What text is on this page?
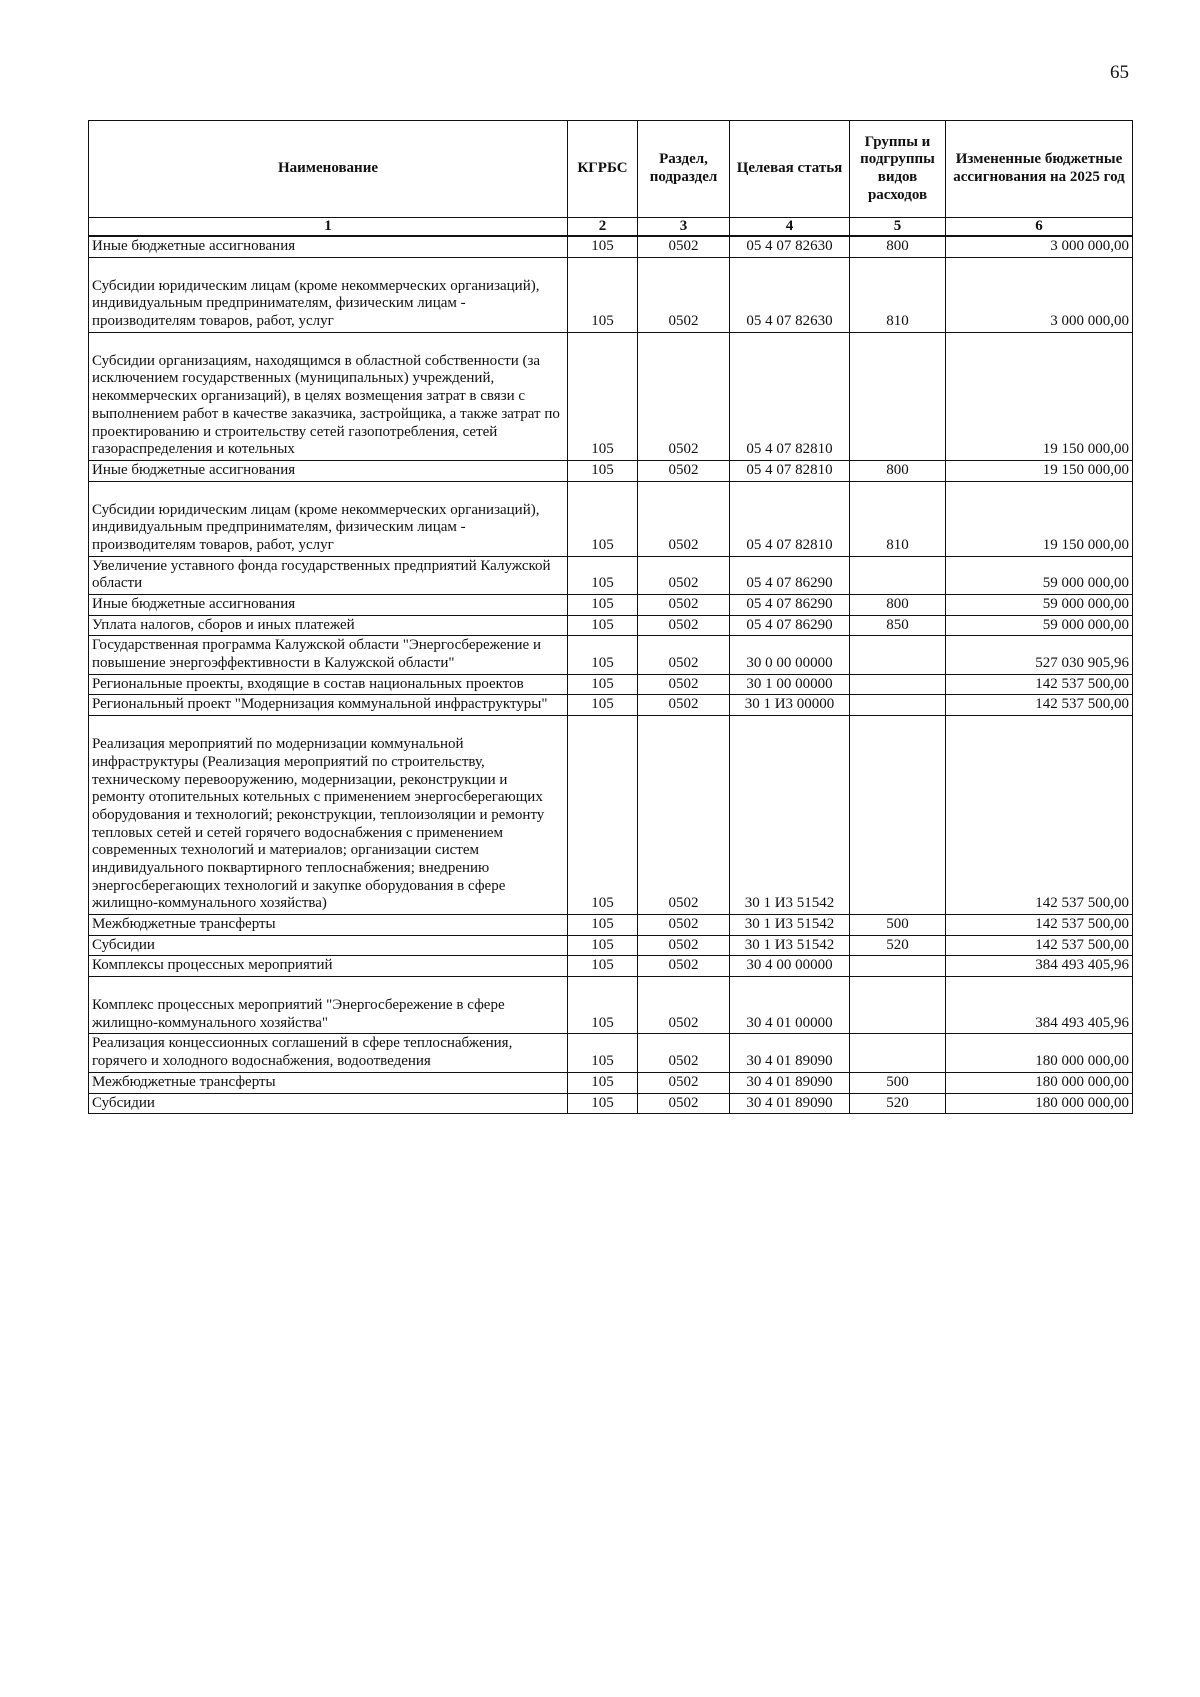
65
Наименование	КГРБС	Раздел, подраздел	Целевая статья	Группы и подгруппы видов расходов	Измененные бюджетные ассигнования на 2025 год
1	2	3	4	5	6
Иные бюджетные ассигнования	105	0502	05 4 07 82630	800	3 000 000,00
Субсидии юридическим лицам (кроме некоммерческих организаций), индивидуальным предпринимателям, физическим лицам - производителям товаров, работ, услуг	105	0502	05 4 07 82630	810	3 000 000,00
Субсидии организациям, находящимся в областной собственности (за исключением государственных (муниципальных) учреждений, некоммерческих организаций), в целях возмещения затрат в связи с выполнением работ в качестве заказчика, застройщика, а также затрат по проектированию и строительству сетей газопотребления, сетей газораспределения и котельных	105	0502	05 4 07 82810		19 150 000,00
Иные бюджетные ассигнования	105	0502	05 4 07 82810	800	19 150 000,00
Субсидии юридическим лицам (кроме некоммерческих организаций), индивидуальным предпринимателям, физическим лицам - производителям товаров, работ, услуг	105	0502	05 4 07 82810	810	19 150 000,00
Увеличение уставного фонда государственных предприятий Калужской области	105	0502	05 4 07 86290		59 000 000,00
Иные бюджетные ассигнования	105	0502	05 4 07 86290	800	59 000 000,00
Уплата налогов, сборов и иных платежей	105	0502	05 4 07 86290	850	59 000 000,00
Государственная программа Калужской области "Энергосбережение и повышение энергоэффективности в Калужской области"	105	0502	30 0 00 00000		527 030 905,96
Региональные проекты, входящие в состав национальных проектов	105	0502	30 1 00 00000		142 537 500,00
Региональный проект "Модернизация коммунальной инфраструктуры"	105	0502	30 1 И3 00000		142 537 500,00
Реализация мероприятий по модернизации коммунальной инфраструктуры (Реализация мероприятий по строительству, техническому перевооружению, модернизации, реконструкции и ремонту отопительных котельных с применением энергосберегающих оборудования и технологий; реконструкции, теплоизоляции и ремонту тепловых сетей и сетей горячего водоснабжения с применением современных технологий и материалов; организации систем индивидуального поквартирного теплоснабжения; внедрению энергосберегающих технологий и закупке оборудования в сфере жилищно-коммунального хозяйства)	105	0502	30 1 И3 51542		142 537 500,00
Межбюджетные трансферты	105	0502	30 1 И3 51542	500	142 537 500,00
Субсидии	105	0502	30 1 И3 51542	520	142 537 500,00
Комплексы процессных мероприятий	105	0502	30 4 00 00000		384 493 405,96
Комплекс процессных мероприятий "Энергосбережение в сфере жилищно-коммунального хозяйства"	105	0502	30 4 01 00000		384 493 405,96
Реализация концессионных соглашений в сфере теплоснабжения, горячего и холодного водоснабжения, водоотведения	105	0502	30 4 01 89090		180 000 000,00
Межбюджетные трансферты	105	0502	30 4 01 89090	500	180 000 000,00
Субсидии	105	0502	30 4 01 89090	520	180 000 000,00
